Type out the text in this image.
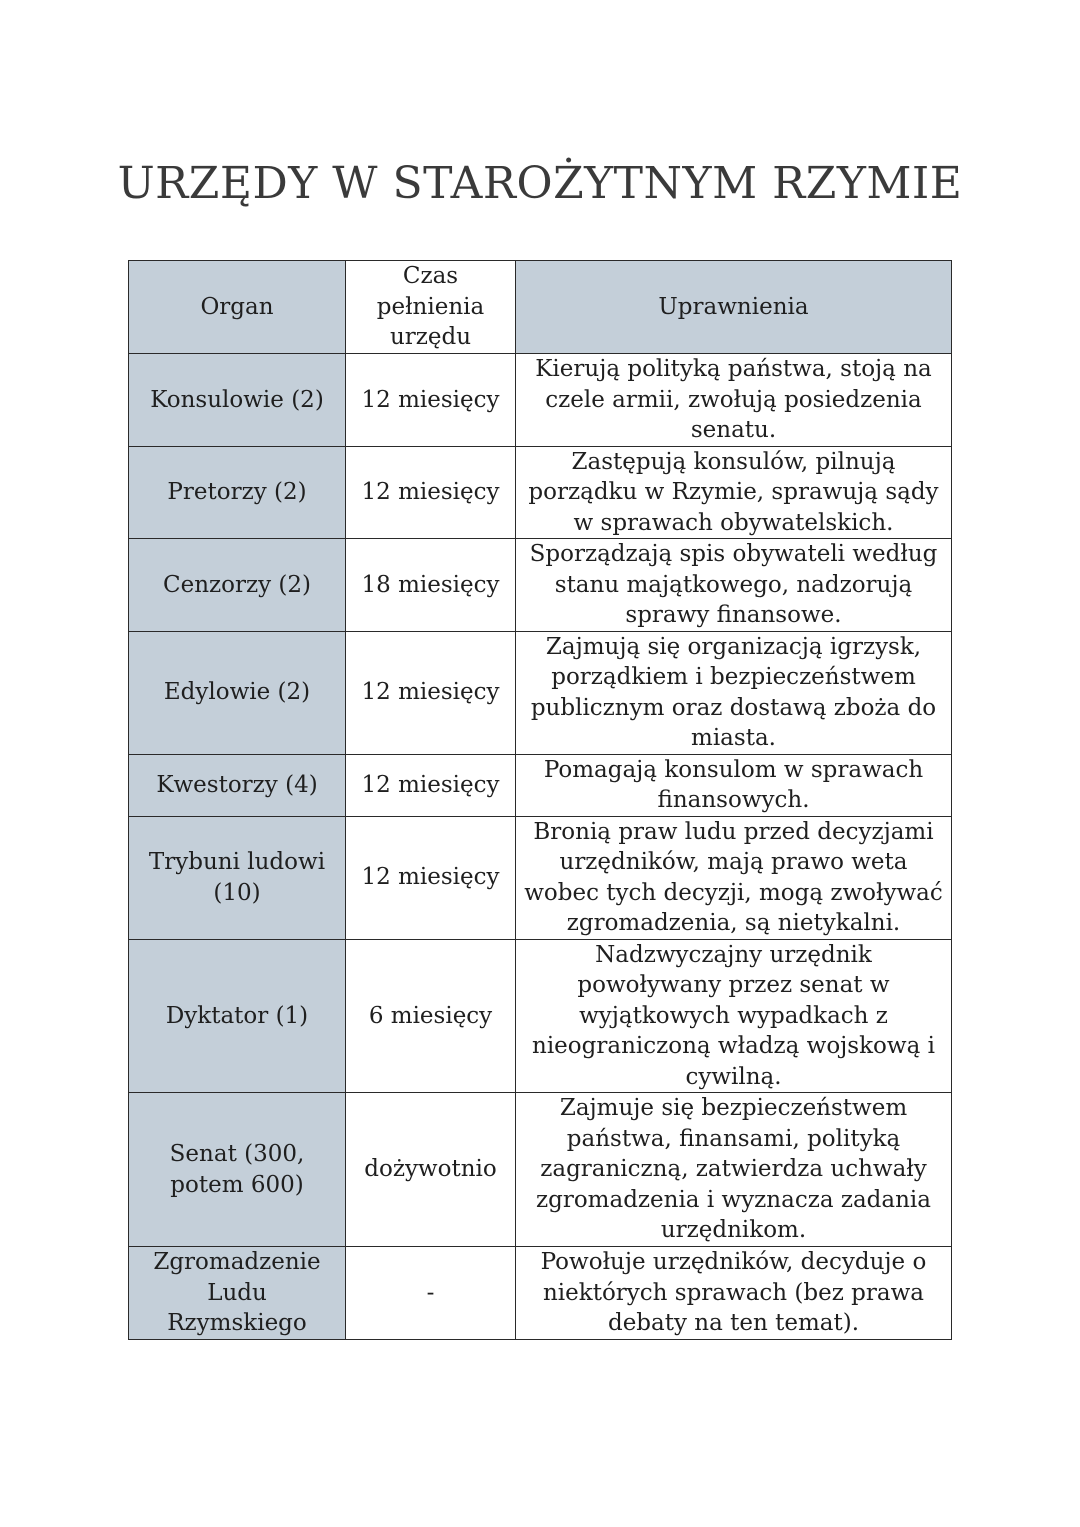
URZĘDY W STAROŻYTNYM RZYMIE
Organ	Czas pełnienia urzędu	Uprawnienia
Konsulowie (2)	12 miesięcy	Kierują polityką państwa, stoją na czele armii, zwołują posiedzenia senatu.
Pretorzy (2)	12 miesięcy	Zastępują konsulów, pilnują porządku w Rzymie, sprawują sądy w sprawach obywatelskich.
Cenzorzy (2)	18 miesięcy	Sporządzają spis obywateli według stanu majątkowego, nadzorują sprawy finansowe.
Edylowie (2)	12 miesięcy	Zajmują się organizacją igrzysk, porządkiem i bezpieczeństwem publicznym oraz dostawą zboża do miasta.
Kwestorzy (4)	12 miesięcy	Pomagają konsulom w sprawach finansowych.
Trybuni ludowi (10)	12 miesięcy	Bronią praw ludu przed decyzjami urzędników, mają prawo weta wobec tych decyzji, mogą zwoływać zgromadzenia, są nietykalni.
Dyktator (1)	6 miesięcy	Nadzwyczajny urzędnik powoływany przez senat w wyjątkowych wypadkach z nieograniczoną władzą wojskową i cywilną.
Senat (300, potem 600)	dożywotnio	Zajmuje się bezpieczeństwem państwa, finansami, polityką zagraniczną, zatwierdza uchwały zgromadzenia i wyznacza zadania urzędnikom.
Zgromadzenie Ludu Rzymskiego	-	Powołuje urzędników, decyduje o niektórych sprawach (bez prawa debaty na ten temat).
